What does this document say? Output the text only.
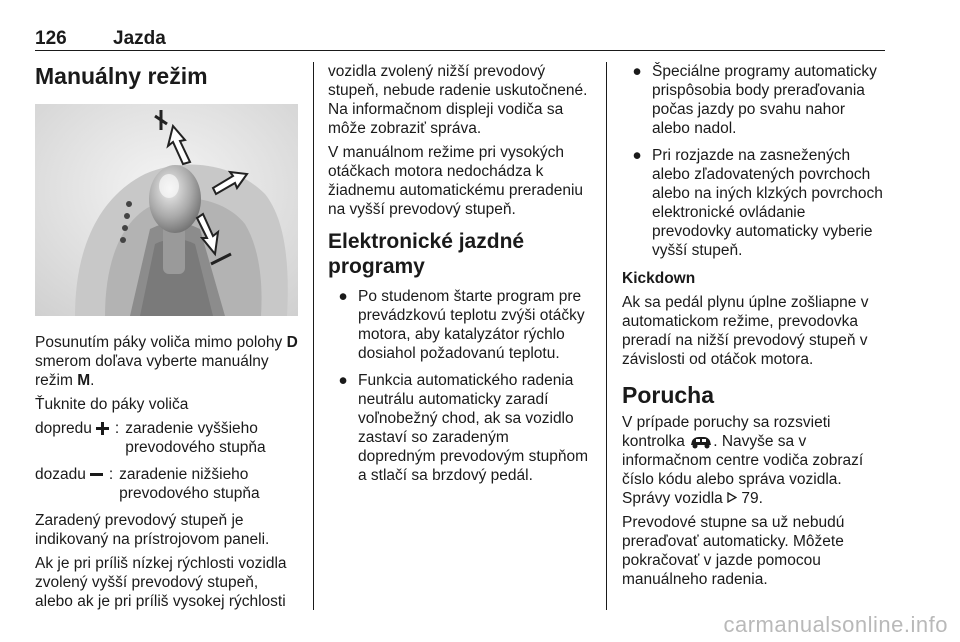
126 Jazda
Manuálny režim

Posunutím páky voliča mimo polohy D smerom doľava vyberte manuálny režim M.

Ťuknite do páky voliča

dopredu	: zaradenie vyššieho prevodového stupňa
dozadu	: zaradenie nižšieho prevodového stupňa

Zaradený prevodový stupeň je indikovaný na prístrojovom paneli.

Ak je pri príliš nízkej rýchlosti vozidla zvolený vyšší prevodový stupeň, alebo ak je pri príliš vysokej rýchlosti

vozidla zvolený nižší prevodový stupeň, nebude radenie uskutočnené. Na informačnom displeji vodiča sa môže zobraziť správa.

V manuálnom režime pri vysokých otáčkach motora nedochádza k žiadnemu automatickému preradeniu na vyšší prevodový stupeň.

Elektronické jazdné programy
● Po studenom štarte program pre prevádzkovú teplotu zvýši otáčky motora, aby katalyzátor rýchlo dosiahol požadovanú teplotu.
● Funkcia automatického radenia neutrálu automaticky zaradí voľnobežný chod, ak sa vozidlo zastaví so zaradeným dopredným prevodovým stupňom a stlačí sa brzdový pedál.
● Špeciálne programy automaticky prispôsobia body preraďovania počas jazdy po svahu nahor alebo nadol.
● Pri rozjazde na zasnežených alebo zľadovatených povrchoch alebo na iných klzkých povrchoch elektronické ovládanie prevodovky automaticky vyberie vyšší stupeň.
Kickdown

Ak sa pedál plynu úplne zošliapne v automatickom režime, prevodovka preradí na nižší prevodový stupeň v závislosti od otáčok motora.

Porucha

V prípade poruchy sa rozsvieti kontrolka . Navyše sa v informačnom centre vodiča zobrazí číslo kódu alebo správa vozidla. Správy vozidla  79.

Prevodové stupne sa už nebudú preraďovať automaticky. Môžete pokračovať v jazde pomocou manuálneho radenia.

carmanualsonline.info
